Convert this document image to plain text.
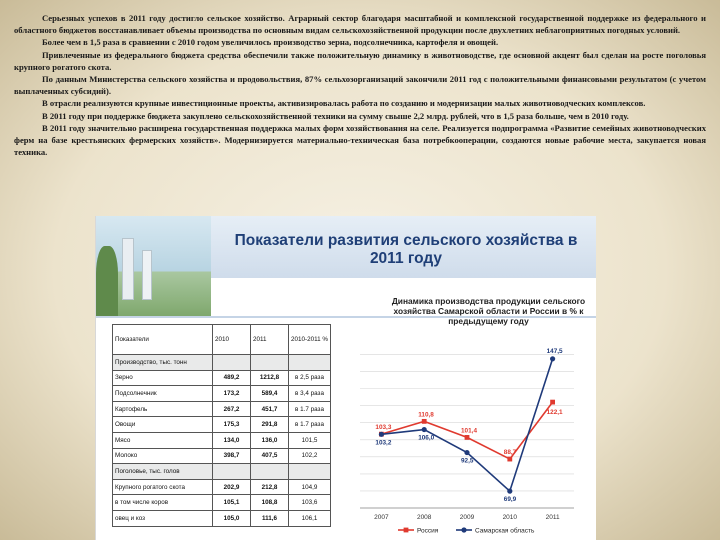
Серьезных успехов в 2011 году достигло сельское хозяйство. Аграрный сектор благодаря масштабной и комплексной государственной поддержке из федерального и областного бюджетов восстанавливает объемы производства по основным видам сельскохозяйственной продукции после двухлетних неблагоприятных погодных условий.

Более чем в 1,5 раза в сравнении с 2010 годом увеличилось производство зерна, подсолнечника, картофеля и овощей.

Привлеченные из федерального бюджета средства обеспечили также положительную динамику в животноводстве, где основной акцент был сделан на росте поголовья крупного рогатого скота.

По данным Министерства сельского хозяйства и продовольствия, 87% сельхозорганизаций закончили 2011 год с положительными финансовыми результатом (с учетом выплаченных субсидий).

В отрасли реализуются крупные инвестиционные проекты, активизировалась работа по созданию и модернизации малых животноводческих комплексов.

В 2011 году при поддержке бюджета закуплено сельскохозяйственной техники на сумму свыше 2,2 млрд. рублей, что в 1,5 раза больше, чем в 2010 году.

В 2011 году значительно расширена государственная поддержка малых форм хозяйствования на селе. Реализуется подпрограмма «Развитие семейных животноводческих ферм на базе крестьянских фермерских хозяйств». Модернизируется материально-техническая база потребкооперации, создаются новые рабочие места, закупается новая техника.

Показатели развития сельского хозяйства в 2011 году
Показатели	2010	2011	2010-2011 %
Производство, тыс. тонн			
Зерно	489,2	1212,8	в 2,5 раза
Подсолнечник	173,2	589,4	в 3,4 раза
Картофель	267,2	451,7	в 1.7 раза
Овощи	175,3	291,8	в 1.7 раза
Мясо	134,0	136,0	101,5
Молоко	398,7	407,5	102,2
Поголовье, тыс. голов			
Крупного рогатого скота	202,9	212,8	104,9
в том числе коров	105,1	108,8	103,6
овец и коз	105,0	111,6	106,1
Динамика производства продукции сельского хозяйства Самарской области и России в % к предыдущему году
2007	2008	2009	2010	2011
103,3
110,8
101,4
88,7
122,1
103,2
106,0
92,5
69,9
147,5
Россия	Самарская область
